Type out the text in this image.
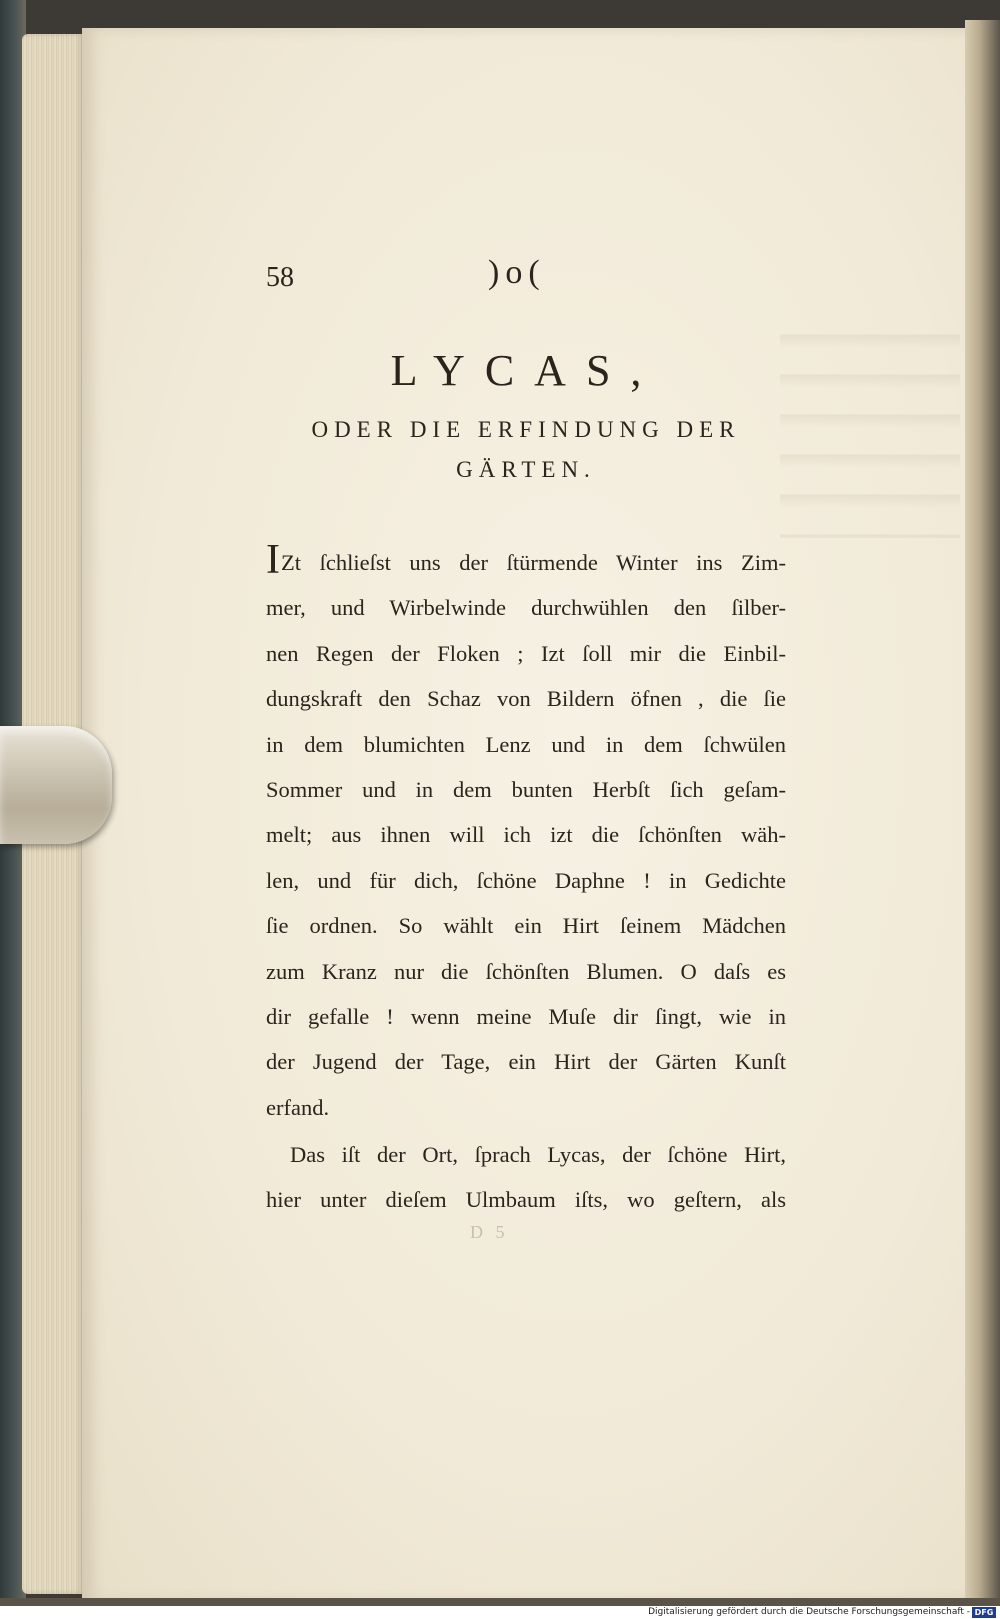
58	)o(
LYCAS,
ODER DIE ERFINDUNG DER
GÄRTEN.
IZt ſchlieſst uns der ſtürmende Winter ins Zim-
mer, und Wirbelwinde durchwühlen den ſilber-
nen Regen der Floken ; Izt ſoll mir die Einbil-
dungskraft den Schaz von Bildern öfnen , die ſie
in dem blumichten Lenz und in dem ſchwülen
Sommer und in dem bunten Herbſt ſich geſam-
melt; aus ihnen will ich izt die ſchönſten wäh-
len, und für dich, ſchöne Daphne ! in Gedichte
ſie ordnen. So wählt ein Hirt ſeinem Mädchen
zum Kranz nur die ſchönſten Blumen. O daſs es
dir gefalle ! wenn meine Muſe dir ſingt, wie in
der Jugend der Tage, ein Hirt der Gärten Kunſt
erfand.
Das iſt der Ort, ſprach Lycas, der ſchöne Hirt,
hier unter dieſem Ulmbaum iſts, wo geſtern, als
D 5
Digitalisierung gefördert durch die Deutsche Forschungsgemeinschaft - DFG
